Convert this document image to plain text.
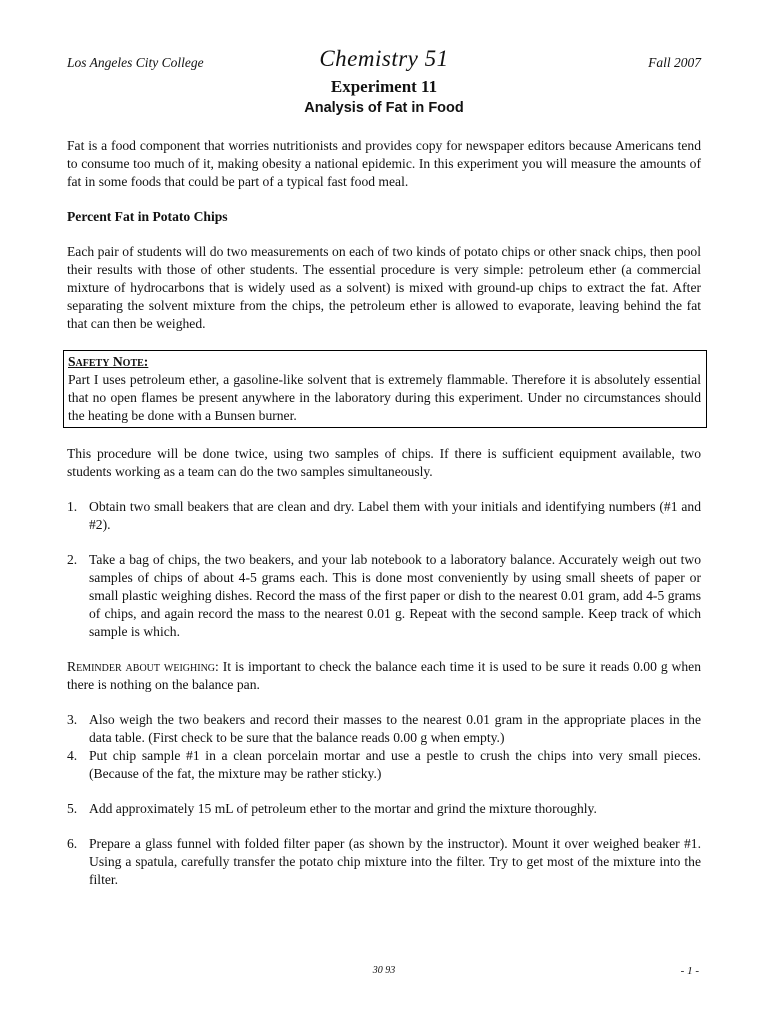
Los Angeles City College	Chemistry 51	Fall 2007
Experiment 11
Analysis of Fat in Food

Fat is a food component that worries nutritionists and provides copy for newspaper editors because Americans tend to consume too much of it, making obesity a national epidemic. In this experiment you will measure the amounts of fat in some foods that could be part of a typical fast food meal.

Percent Fat in Potato Chips

Each pair of students will do two measurements on each of two kinds of potato chips or other snack chips, then pool their results with those of other students. The essential procedure is very simple: petroleum ether (a commercial mixture of hydrocarbons that is widely used as a solvent) is mixed with ground-up chips to extract the fat. After separating the solvent mixture from the chips, the petroleum ether is allowed to evaporate, leaving behind the fat that can then be weighed.

Safety Note:

Part I uses petroleum ether, a gasoline-like solvent that is extremely flammable. Therefore it is absolutely essential that no open flames be present anywhere in the laboratory during this experiment. Under no circumstances should the heating be done with a Bunsen burner.

This procedure will be done twice, using two samples of chips. If there is sufficient equipment available, two students working as a team can do the two samples simultaneously.

1. Obtain two small beakers that are clean and dry. Label them with your initials and identifying numbers (#1 and #2).

2. Take a bag of chips, the two beakers, and your lab notebook to a laboratory balance. Accurately weigh out two samples of chips of about 4-5 grams each. This is done most conveniently by using small sheets of paper or small plastic weighing dishes. Record the mass of the first paper or dish to the nearest 0.01 gram, add 4-5 grams of chips, and again record the mass to the nearest 0.01 g. Repeat with the second sample. Keep track of which sample is which.

Reminder about weighing: It is important to check the balance each time it is used to be sure it reads 0.00 g when there is nothing on the balance pan.

3. Also weigh the two beakers and record their masses to the nearest 0.01 gram in the appropriate places in the data table. (First check to be sure that the balance reads 0.00 g when empty.)

4. Put chip sample #1 in a clean porcelain mortar and use a pestle to crush the chips into very small pieces. (Because of the fat, the mixture may be rather sticky.)

5. Add approximately 15 mL of petroleum ether to the mortar and grind the mixture thoroughly.

6. Prepare a glass funnel with folded filter paper (as shown by the instructor). Mount it over weighed beaker #1. Using a spatula, carefully transfer the potato chip mixture into the filter. Try to get most of the mixture into the filter.

30 93	- 1 -
